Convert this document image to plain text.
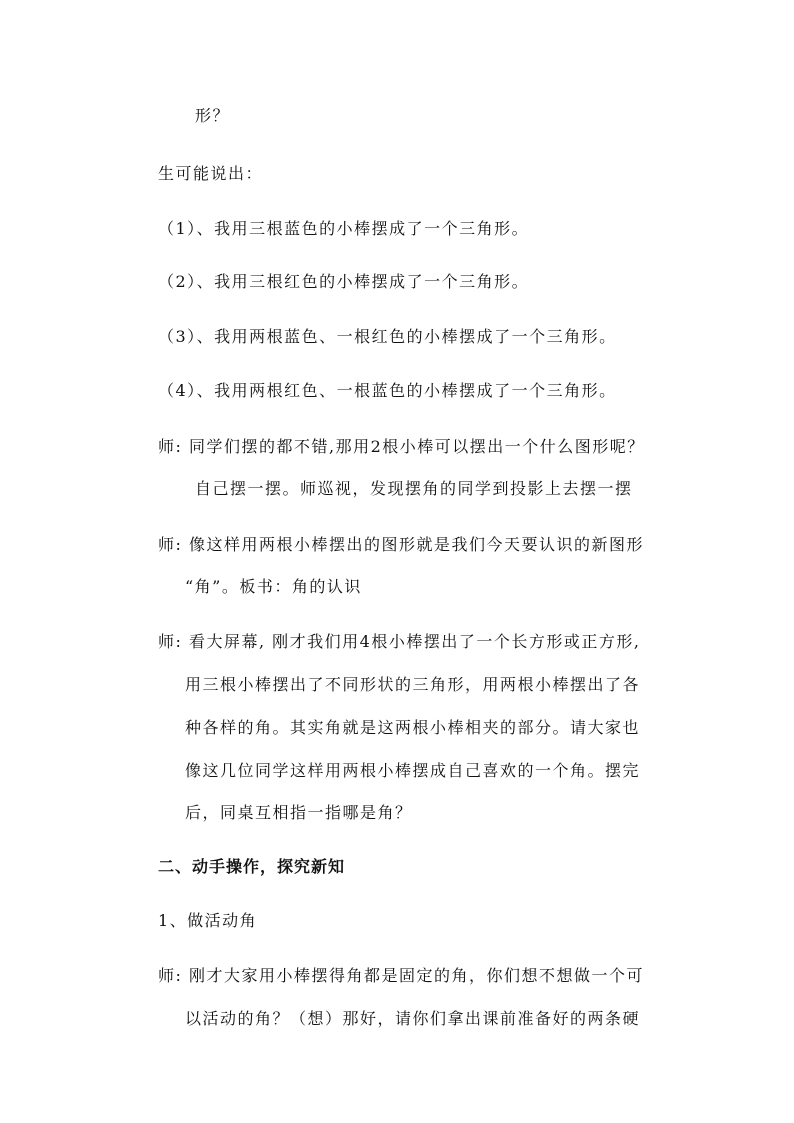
形？
生可能说出：
（1）、我用三根蓝色的小棒摆成了一个三角形。
（2）、我用三根红色的小棒摆成了一个三角形。
（3）、我用两根蓝色、一根红色的小棒摆成了一个三角形。
（4）、我用两根红色、一根蓝色的小棒摆成了一个三角形。
师: 同学们摆的都不错,那用2根小棒可以摆出一个什么图形呢？
自己摆一摆。师巡视，发现摆角的同学到投影上去摆一摆
师: 像这样用两根小棒摆出的图形就是我们今天要认识的新图形
“角”。板书：角的认识
师: 看大屏幕, 刚才我们用4根小棒摆出了一个长方形或正方形,
用三根小棒摆出了不同形状的三角形，用两根小棒摆出了各
种各样的角。其实角就是这两根小棒相夹的部分。请大家也
像这几位同学这样用两根小棒摆成自己喜欢的一个角。摆完
后，同桌互相指一指哪是角？
二、动手操作，探究新知
1、做活动角
师: 刚才大家用小棒摆得角都是固定的角，你们想不想做一个可
以活动的角？（想）那好，请你们拿出课前准备好的两条硬
